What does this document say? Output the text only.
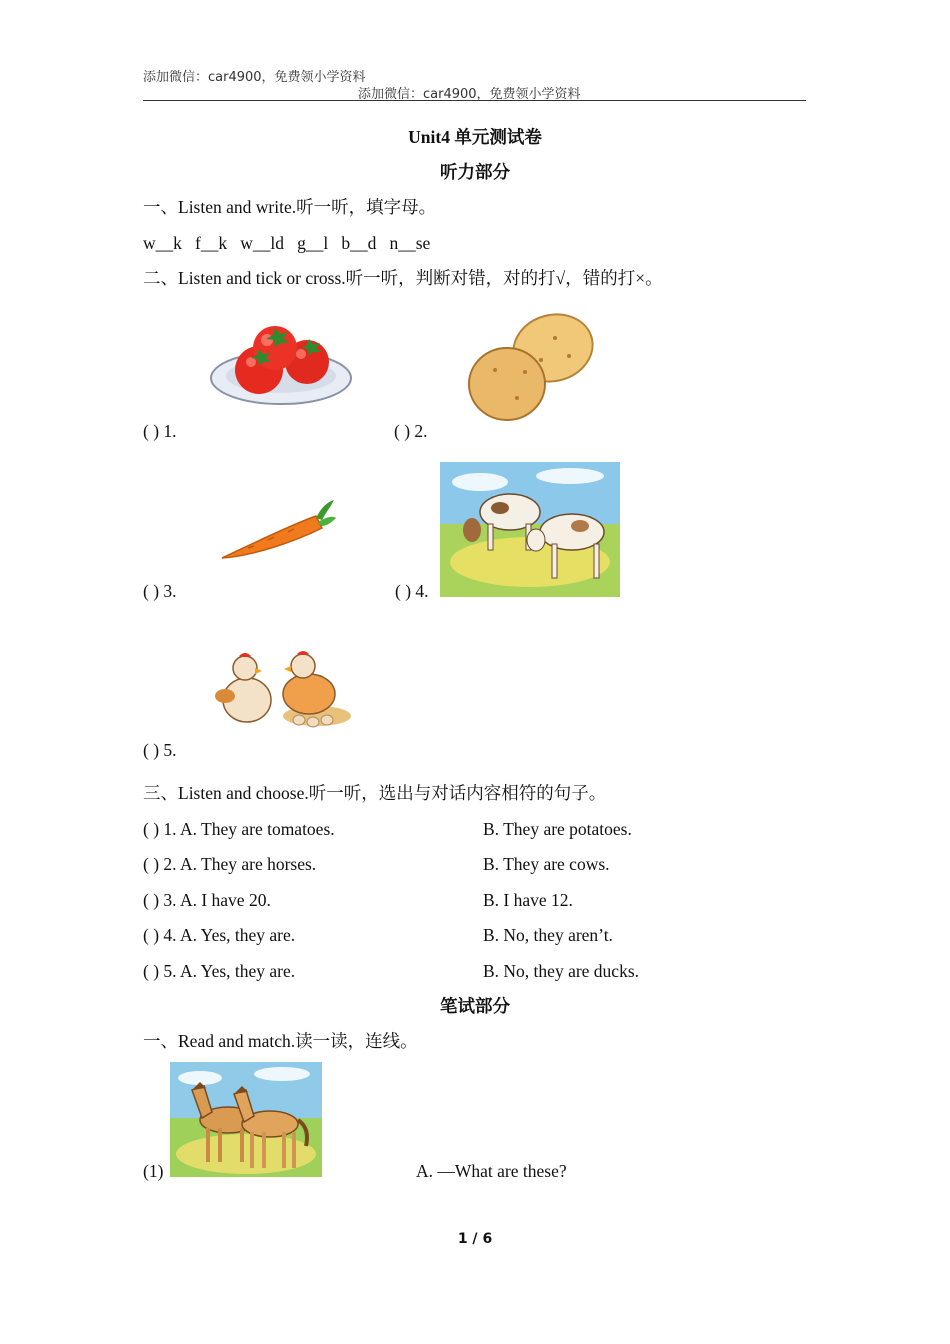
添加微信：car4900，免费领小学资料
添加微信：car4900，免费领小学资料
Unit4 单元测试卷
听力部分
一、Listen and write.听一听，填字母。
w__k   f__k   w__ld   g__l   b__d   n__se
二、Listen and tick or cross.听一听，判断对错，对的打√，错的打×。
( ) 1.	( ) 2.
( ) 3.	( ) 4.
( ) 5.
三、Listen and choose.听一听，选出与对话内容相符的句子。
( ) 1. A. They are tomatoes.	B. They are potatoes.
( ) 2. A. They are horses.	B. They are cows.
( ) 3. A. I have 20.	B. I have 12.
( ) 4. A. Yes, they are.	B. No, they aren’t.
( ) 5. A. Yes, they are.	B. No, they are ducks.
笔试部分
一、Read and match.读一读，连线。
(1)	A. —What are these?
1 / 6
